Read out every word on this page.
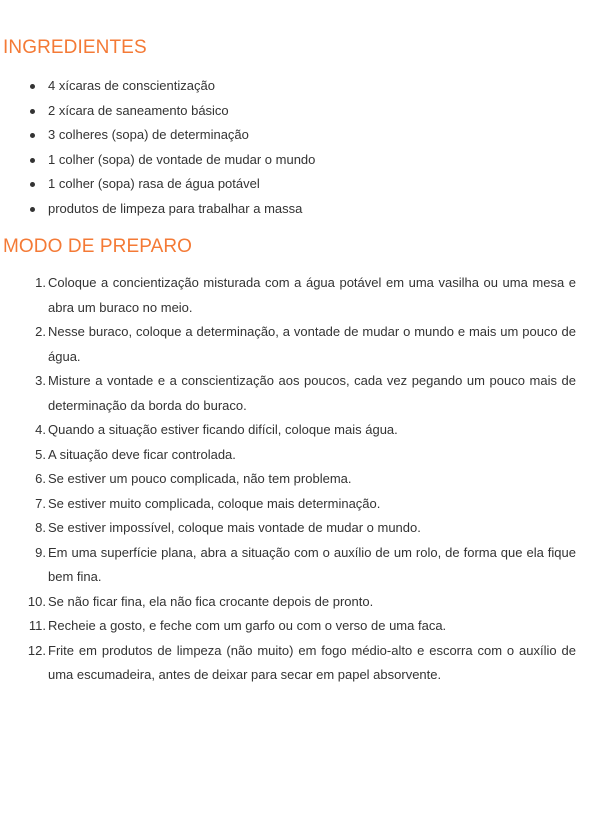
INGREDIENTES
4 xícaras de conscientização
2 xícara de saneamento básico
3 colheres (sopa) de determinação
1 colher (sopa) de vontade de mudar o mundo
1 colher (sopa) rasa de água potável
produtos de limpeza para trabalhar a massa
MODO DE PREPARO
1. Coloque a concientização misturada com a água potável em uma vasilha ou uma mesa e abra um buraco no meio.
2. Nesse buraco, coloque a determinação, a vontade de mudar o mundo e mais um pouco de água.
3. Misture a vontade e a conscientização aos poucos, cada vez pegando um pouco mais de determinação da borda do buraco.
4. Quando a situação estiver ficando difícil, coloque mais água.
5. A situação deve ficar controlada.
6. Se estiver um pouco complicada, não tem problema.
7. Se estiver muito complicada, coloque mais determinação.
8. Se estiver impossível, coloque mais vontade de mudar o mundo.
9. Em uma superfície plana, abra a situação com o auxílio de um rolo, de forma que ela fique bem fina.
10. Se não ficar fina, ela não fica crocante depois de pronto.
11. Recheie a gosto, e feche com um garfo ou com o verso de uma faca.
12. Frite em produtos de limpeza (não muito) em fogo médio-alto e escorra com o auxílio de uma escumadeira, antes de deixar para secar em papel absorvente.
